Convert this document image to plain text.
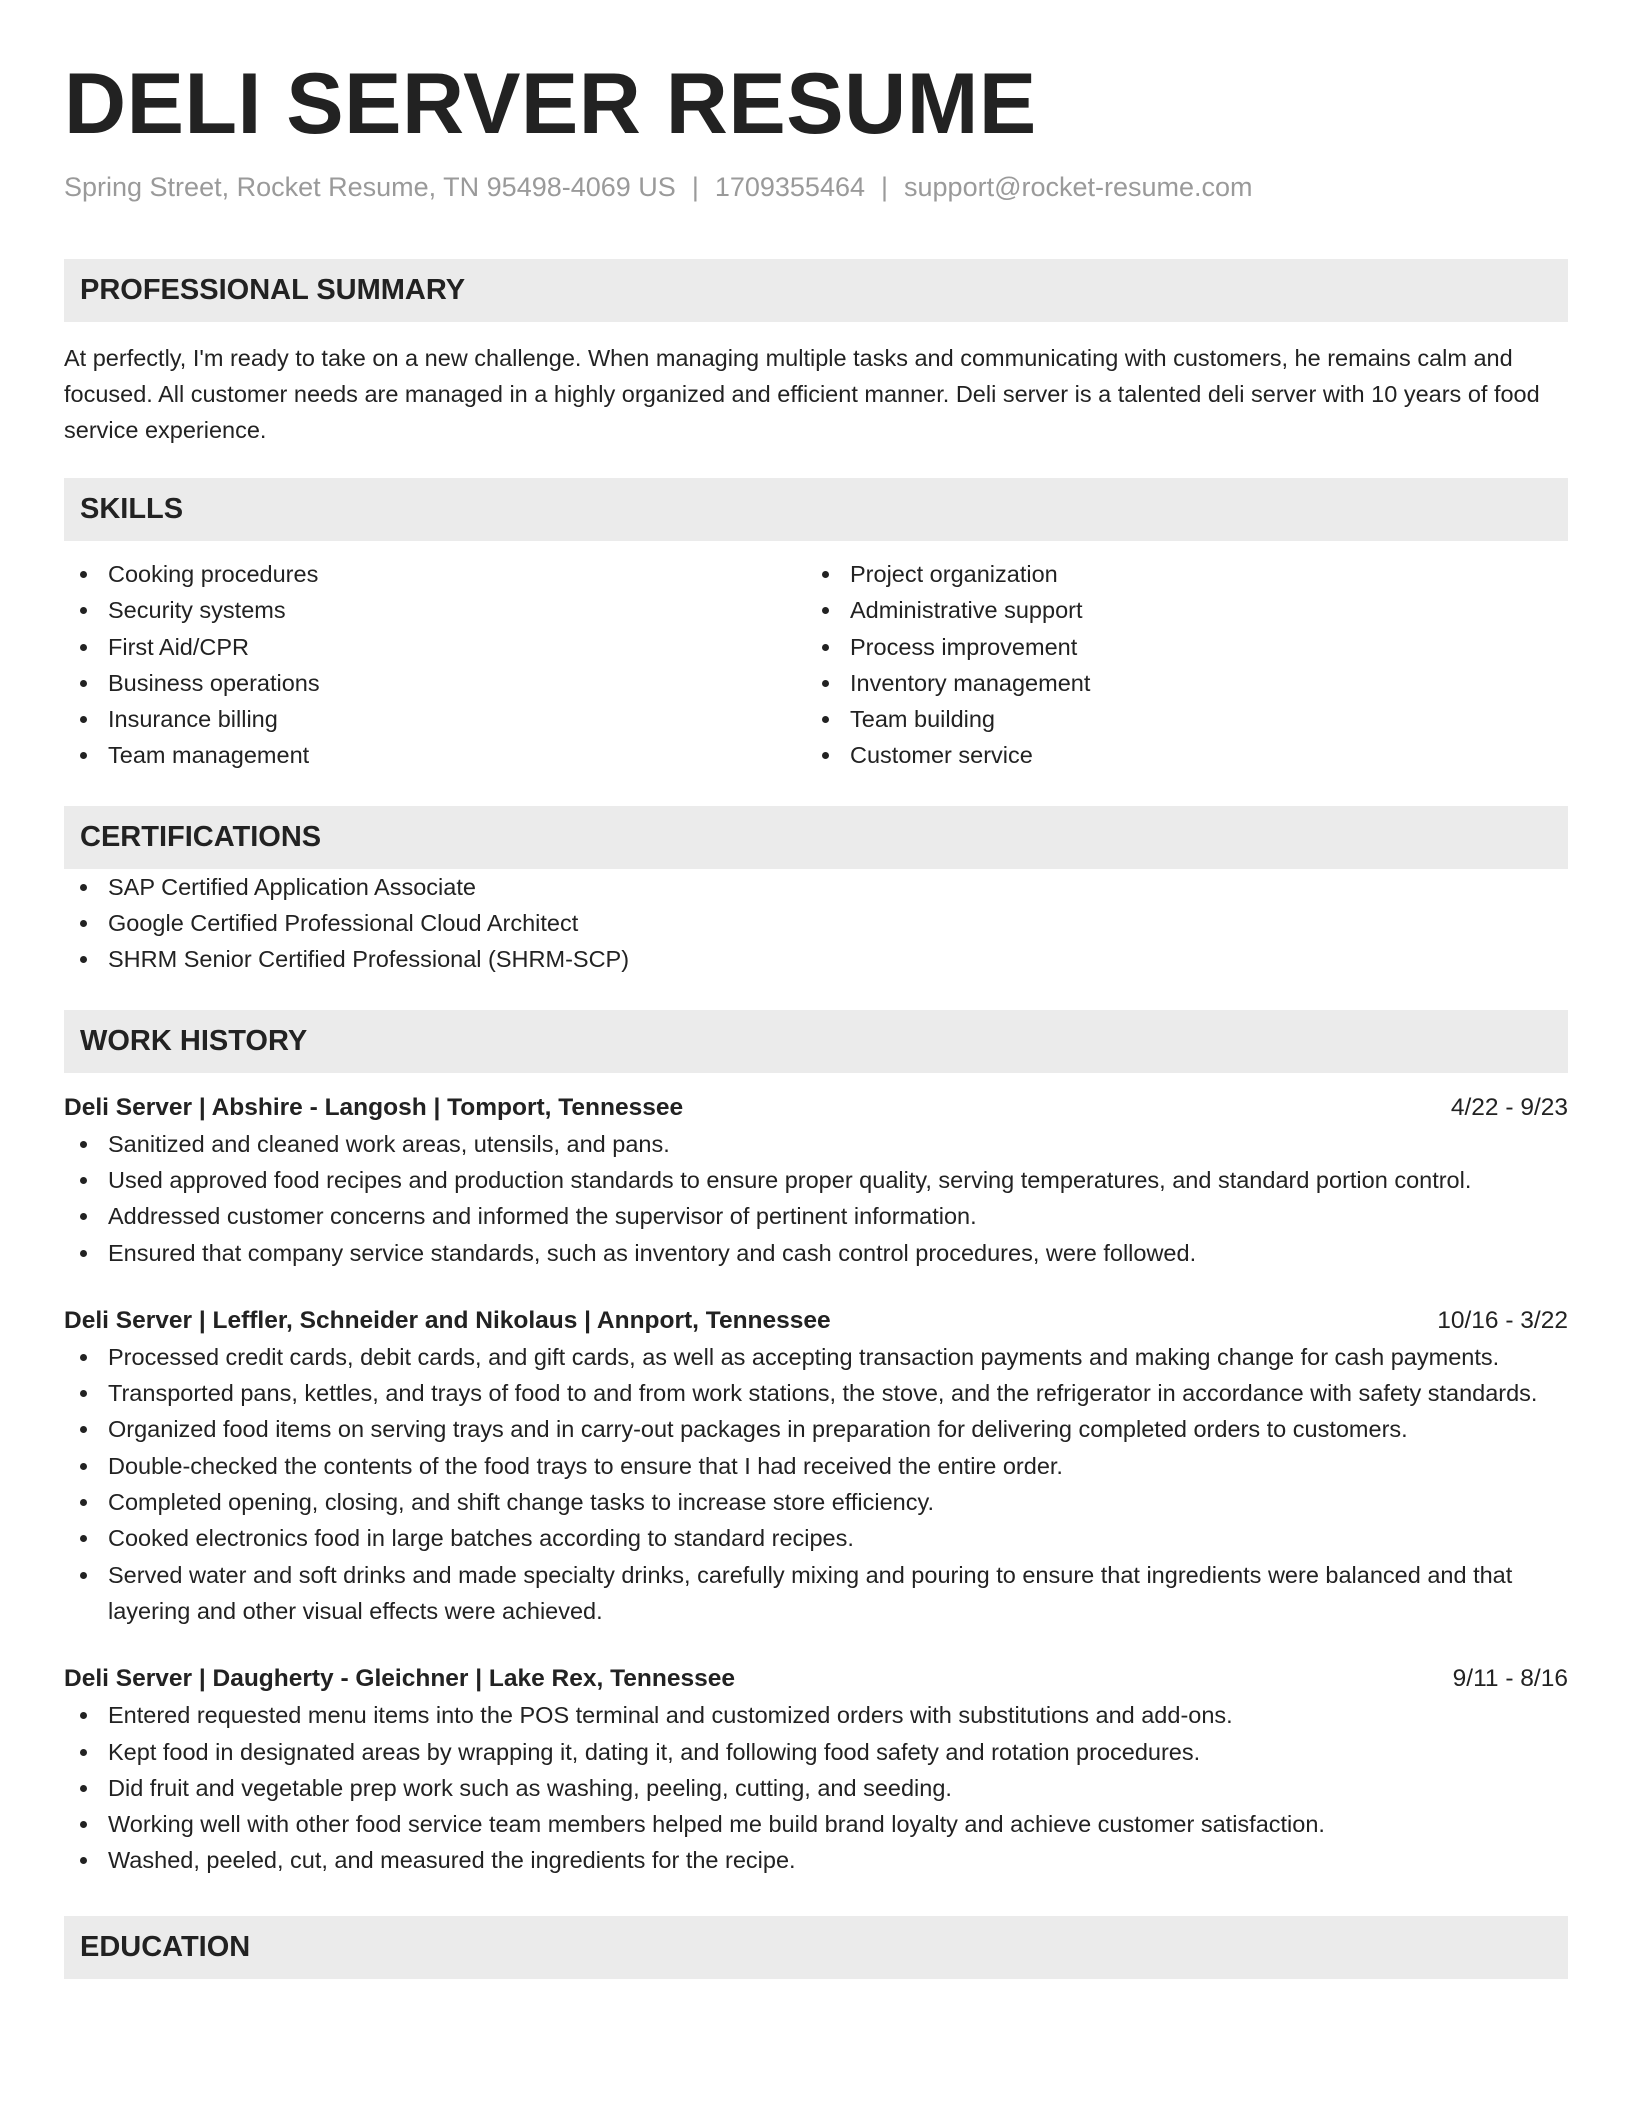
DELI SERVER RESUME
Spring Street, Rocket Resume, TN 95498-4069 US | 1709355464 | support@rocket-resume.com
PROFESSIONAL SUMMARY

At perfectly, I'm ready to take on a new challenge. When managing multiple tasks and communicating with customers, he remains calm and focused. All customer needs are managed in a highly organized and efficient manner. Deli server is a talented deli server with 10 years of food service experience.

SKILLS
Cooking procedures
Security systems
First Aid/CPR
Business operations
Insurance billing
Team management
Project organization
Administrative support
Process improvement
Inventory management
Team building
Customer service
CERTIFICATIONS
SAP Certified Application Associate
Google Certified Professional Cloud Architect
SHRM Senior Certified Professional (SHRM-SCP)
WORK HISTORY
Deli Server | Abshire - Langosh | Tomport, Tennessee	4/22 - 9/23
Sanitized and cleaned work areas, utensils, and pans.
Used approved food recipes and production standards to ensure proper quality, serving temperatures, and standard portion control.
Addressed customer concerns and informed the supervisor of pertinent information.
Ensured that company service standards, such as inventory and cash control procedures, were followed.
Deli Server | Leffler, Schneider and Nikolaus | Annport, Tennessee	10/16 - 3/22
Processed credit cards, debit cards, and gift cards, as well as accepting transaction payments and making change for cash payments.
Transported pans, kettles, and trays of food to and from work stations, the stove, and the refrigerator in accordance with safety standards.
Organized food items on serving trays and in carry-out packages in preparation for delivering completed orders to customers.
Double-checked the contents of the food trays to ensure that I had received the entire order.
Completed opening, closing, and shift change tasks to increase store efficiency.
Cooked electronics food in large batches according to standard recipes.
Served water and soft drinks and made specialty drinks, carefully mixing and pouring to ensure that ingredients were balanced and that layering and other visual effects were achieved.
Deli Server | Daugherty - Gleichner | Lake Rex, Tennessee	9/11 - 8/16
Entered requested menu items into the POS terminal and customized orders with substitutions and add-ons.
Kept food in designated areas by wrapping it, dating it, and following food safety and rotation procedures.
Did fruit and vegetable prep work such as washing, peeling, cutting, and seeding.
Working well with other food service team members helped me build brand loyalty and achieve customer satisfaction.
Washed, peeled, cut, and measured the ingredients for the recipe.
EDUCATION
